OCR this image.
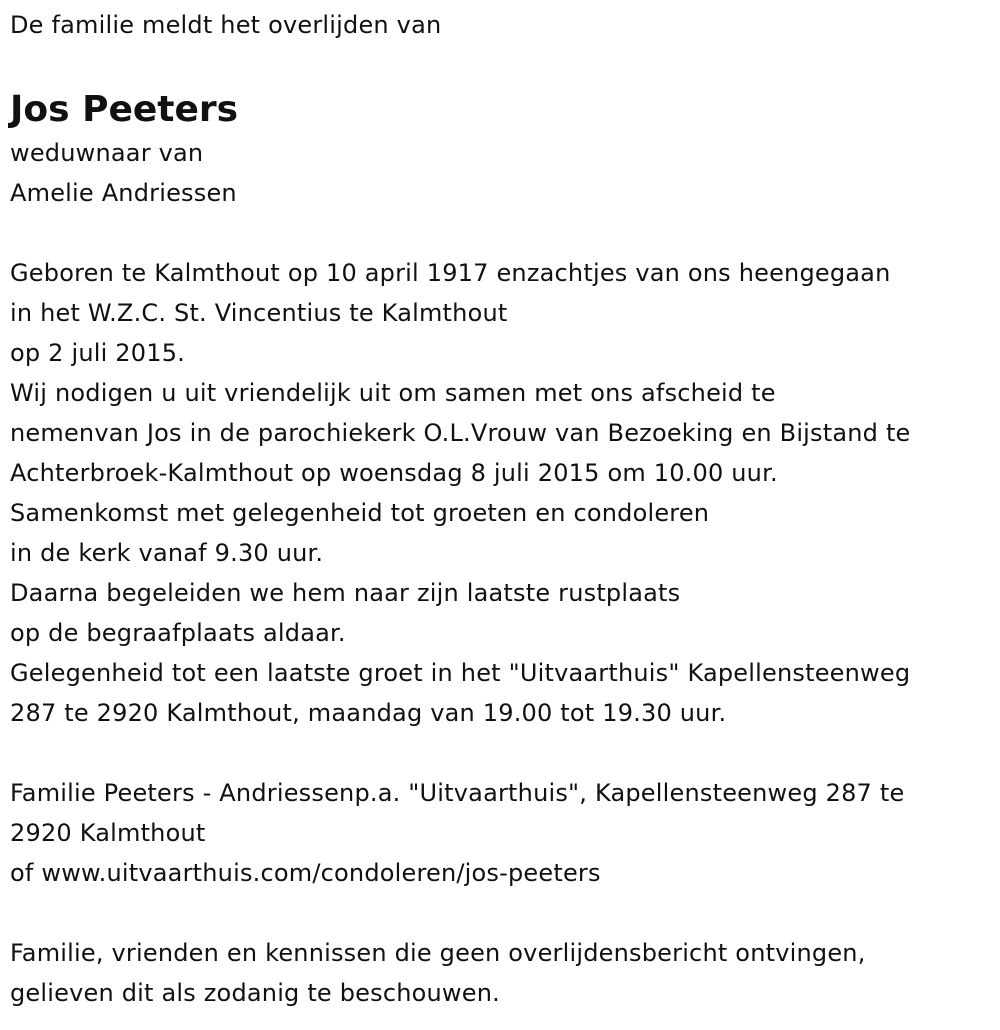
De familie meldt het overlijden van
Jos Peeters
weduwnaar van
Amelie Andriessen
Geboren te Kalmthout op 10 april 1917 enzachtjes van ons heengegaan
in het W.Z.C. St. Vincentius te Kalmthout
op 2 juli 2015.
Wij nodigen u uit vriendelijk uit om samen met ons afscheid te
nemenvan Jos in de parochiekerk O.L.Vrouw van Bezoeking en Bijstand te
Achterbroek-Kalmthout op woensdag 8 juli 2015 om 10.00 uur.
Samenkomst met gelegenheid tot groeten en condoleren
in de kerk vanaf 9.30 uur.
Daarna begeleiden we hem naar zijn laatste rustplaats
op de begraafplaats aldaar.
Gelegenheid tot een laatste groet in het "Uitvaarthuis" Kapellensteenweg
287 te 2920 Kalmthout, maandag van 19.00 tot 19.30 uur.
Familie Peeters - Andriessenp.a. "Uitvaarthuis", Kapellensteenweg 287 te
2920 Kalmthout
of www.uitvaarthuis.com/condoleren/jos-peeters
Familie, vrienden en kennissen die geen overlijdensbericht ontvingen,
gelieven dit als zodanig te beschouwen.
